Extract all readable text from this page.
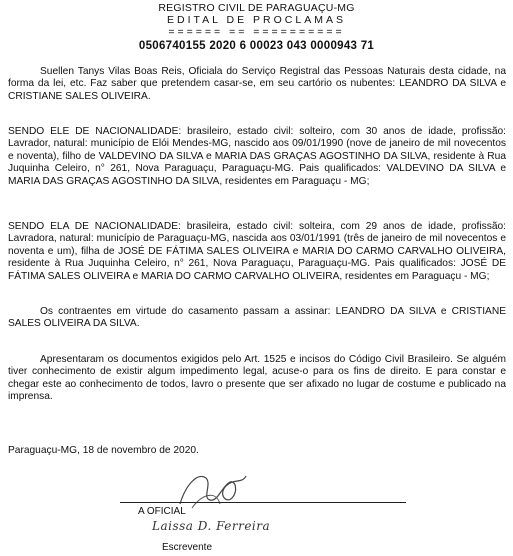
REGISTRO CIVIL DE PARAGUAÇU-MG
EDITAL DE PROCLAMAS
====== == ==========
0506740155 2020 6 00023 043 0000943 71

Suellen Tanys Vilas Boas Reis, Oficiala do Serviço Registral das Pessoas Naturais desta cidade, na forma da lei, etc. Faz saber que pretendem casar-se, em seu cartório os nubentes: LEANDRO DA SILVA e CRISTIANE SALES OLIVEIRA.

SENDO ELE DE NACIONALIDADE: brasileiro, estado civil: solteiro, com 30 anos de idade, profissão: Lavrador, natural: município de Elói Mendes-MG, nascido aos 09/01/1990 (nove de janeiro de mil novecentos e noventa), filho de VALDEVINO DA SILVA e MARIA DAS GRAÇAS AGOSTINHO DA SILVA, residente à Rua Juquinha Celeiro, n° 261, Nova Paraguaçu, Paraguaçu-MG. Pais qualificados: VALDEVINO DA SILVA e MARIA DAS GRAÇAS AGOSTINHO DA SILVA, residentes em Paraguaçu - MG;

SENDO ELA DE NACIONALIDADE: brasileira, estado civil: solteira, com 29 anos de idade, profissão: Lavradora, natural: município de Paraguaçu-MG, nascida aos 03/01/1991 (três de janeiro de mil novecentos e noventa e um), filha de JOSÉ DE FÁTIMA SALES OLIVEIRA e MARIA DO CARMO CARVALHO OLIVEIRA, residente à Rua Juquinha Celeiro, n° 261, Nova Paraguaçu, Paraguaçu-MG. Pais qualificados: JOSÉ DE FÁTIMA SALES OLIVEIRA e MARIA DO CARMO CARVALHO OLIVEIRA, residentes em Paraguaçu - MG;

Os contraentes em virtude do casamento passam a assinar: LEANDRO DA SILVA e CRISTIANE SALES OLIVEIRA DA SILVA.

Apresentaram os documentos exigidos pelo Art. 1525 e incisos do Código Civil Brasileiro. Se alguém tiver conhecimento de existir algum impedimento legal, acuse-o para os fins de direito. E para constar e chegar este ao conhecimento de todos, lavro o presente que ser afixado no lugar de costume e publicado na imprensa.

Paraguaçu-MG, 18 de novembro de 2020.
A OFICIAL
Laissa D. Ferreira
Escrevente
